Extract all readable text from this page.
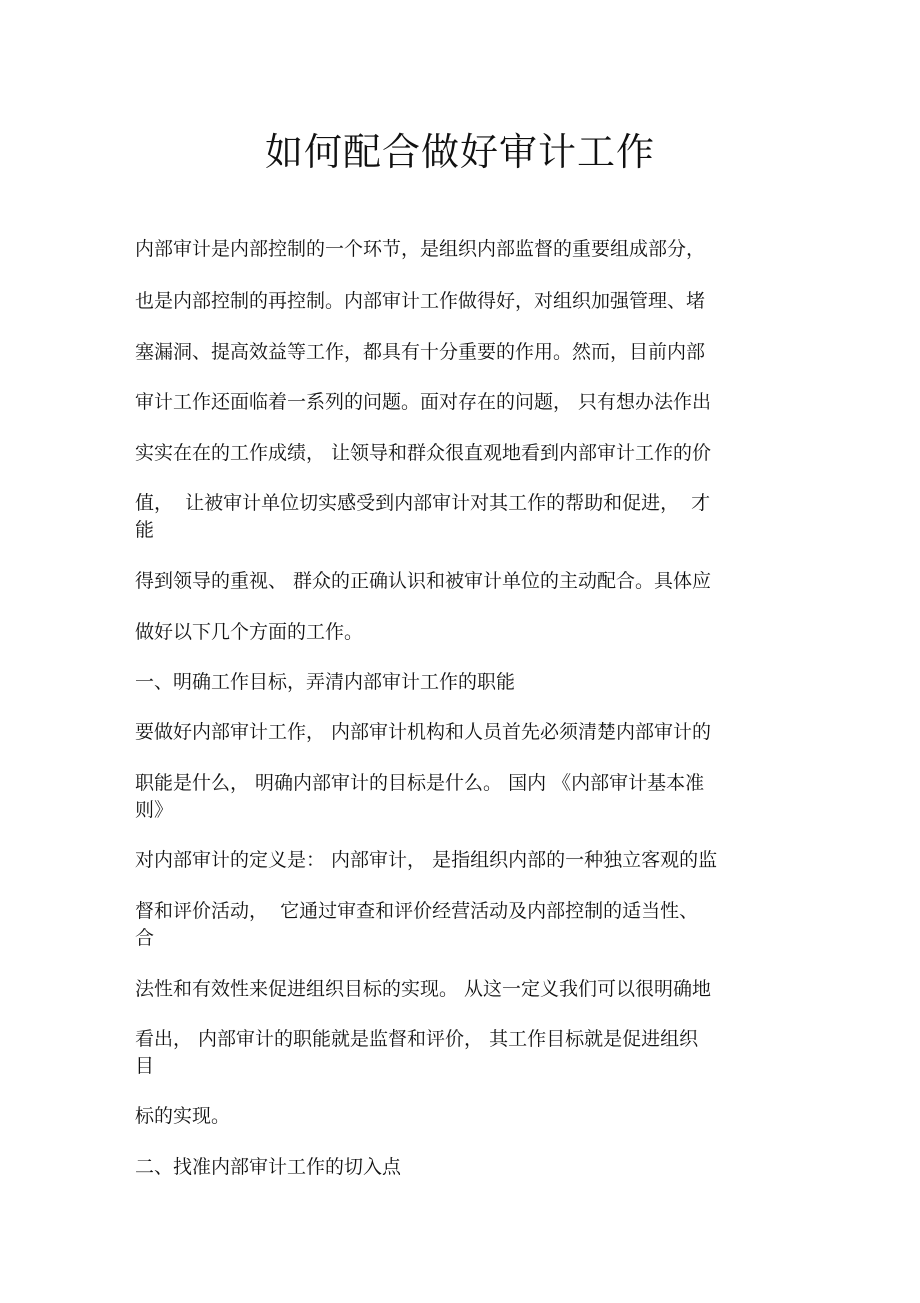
如何配合做好审计工作

内部审计是内部控制的一个环节，是组织内部监督的重要组成部分，

也是内部控制的再控制。内部审计工作做得好，对组织加强管理、堵

塞漏洞、提高效益等工作，都具有十分重要的作用。然而，目前内部

审计工作还面临着一系列的问题。面对存在的问题， 只有想办法作出

实实在在的工作成绩， 让领导和群众很直观地看到内部审计工作的价

值，  让被审计单位切实感受到内部审计对其工作的帮助和促进，  才

能

得到领导的重视、 群众的正确认识和被审计单位的主动配合。具体应

做好以下几个方面的工作。

一、明确工作目标，弄清内部审计工作的职能

要做好内部审计工作， 内部审计机构和人员首先必须清楚内部审计的

职能是什么， 明确内部审计的目标是什么。 国内 《内部审计基本准

则》

对内部审计的定义是： 内部审计， 是指组织内部的一种独立客观的监

督和评价活动，  它通过审查和评价经营活动及内部控制的适当性、

合

法性和有效性来促进组织目标的实现。 从这一定义我们可以很明确地

看出， 内部审计的职能就是监督和评价， 其工作目标就是促进组织

目

标的实现。

二、找准内部审计工作的切入点
